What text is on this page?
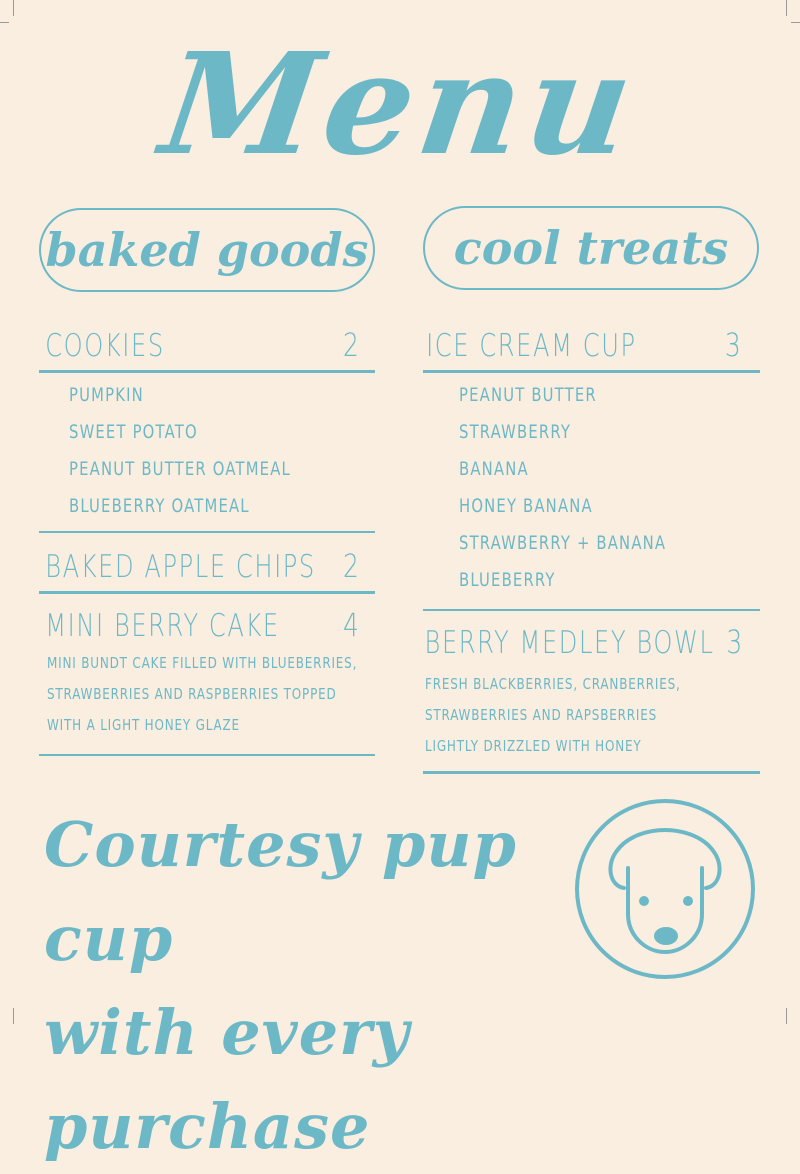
Menu
baked goods	cool treats
COOKIES	2
PUMPKIN
SWEET POTATO
PEANUT BUTTER OATMEAL
BLUEBERRY OATMEAL
BAKED APPLE CHIPS 2
MINI BERRY CAKE 4
MINI BUNDT CAKE FILLED WITH BLUEBERRIES,
STRAWBERRIES AND RASPBERRIES TOPPED
WITH A LIGHT HONEY GLAZE
ICE CREAM CUP	3
PEANUT BUTTER
STRAWBERRY
BANANA
HONEY BANANA
STRAWBERRY + BANANA
BLUEBERRY
BERRY MEDLEY BOWL 3
FRESH BLACKBERRIES, CRANBERRIES,
STRAWBERRIES AND RAPSBERRIES
LIGHTLY DRIZZLED WITH HONEY
Courtesy pup cup
with every purchase
